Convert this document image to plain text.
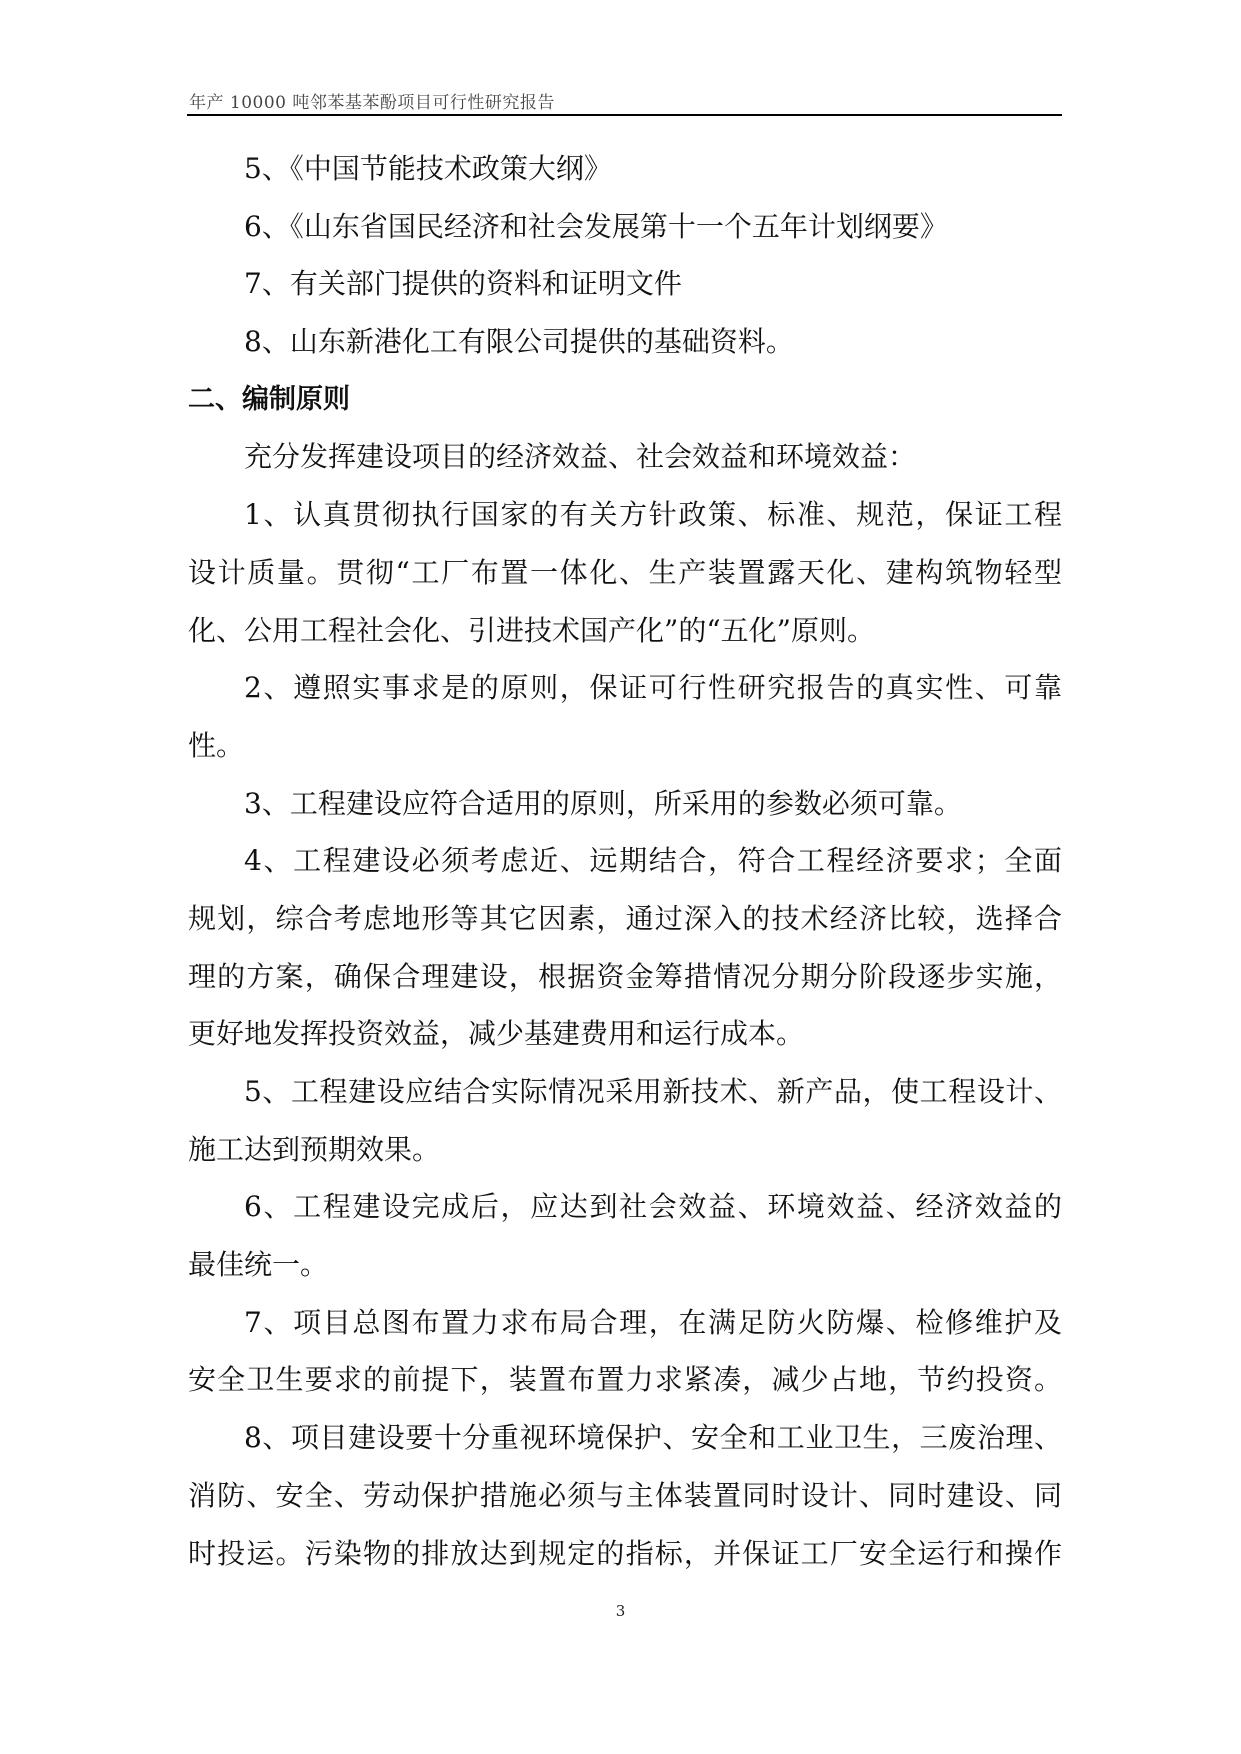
年产 10000 吨邻苯基苯酚项目可行性研究报告
5、《中国节能技术政策大纲》
6、《山东省国民经济和社会发展第十一个五年计划纲要》
7、有关部门提供的资料和证明文件
8、山东新港化工有限公司提供的基础资料。
二、编制原则
充分发挥建设项目的经济效益、社会效益和环境效益：
1、认真贯彻执行国家的有关方针政策、标准、规范，保证工程
设计质量。贯彻“工厂布置一体化、生产装置露天化、建构筑物轻型
化、公用工程社会化、引进技术国产化”的“五化”原则。
2、遵照实事求是的原则，保证可行性研究报告的真实性、可靠
性。
3、工程建设应符合适用的原则，所采用的参数必须可靠。
4、工程建设必须考虑近、远期结合，符合工程经济要求；全面
规划，综合考虑地形等其它因素，通过深入的技术经济比较，选择合
理的方案，确保合理建设，根据资金筹措情况分期分阶段逐步实施，
更好地发挥投资效益，减少基建费用和运行成本。
5、工程建设应结合实际情况采用新技术、新产品，使工程设计、
施工达到预期效果。
6、工程建设完成后，应达到社会效益、环境效益、经济效益的
最佳统一。
7、项目总图布置力求布局合理，在满足防火防爆、检修维护及
安全卫生要求的前提下，装置布置力求紧凑，减少占地，节约投资。
8、项目建设要十分重视环境保护、安全和工业卫生，三废治理、
消防、安全、劳动保护措施必须与主体装置同时设计、同时建设、同
时投运。污染物的排放达到规定的指标，并保证工厂安全运行和操作
3
